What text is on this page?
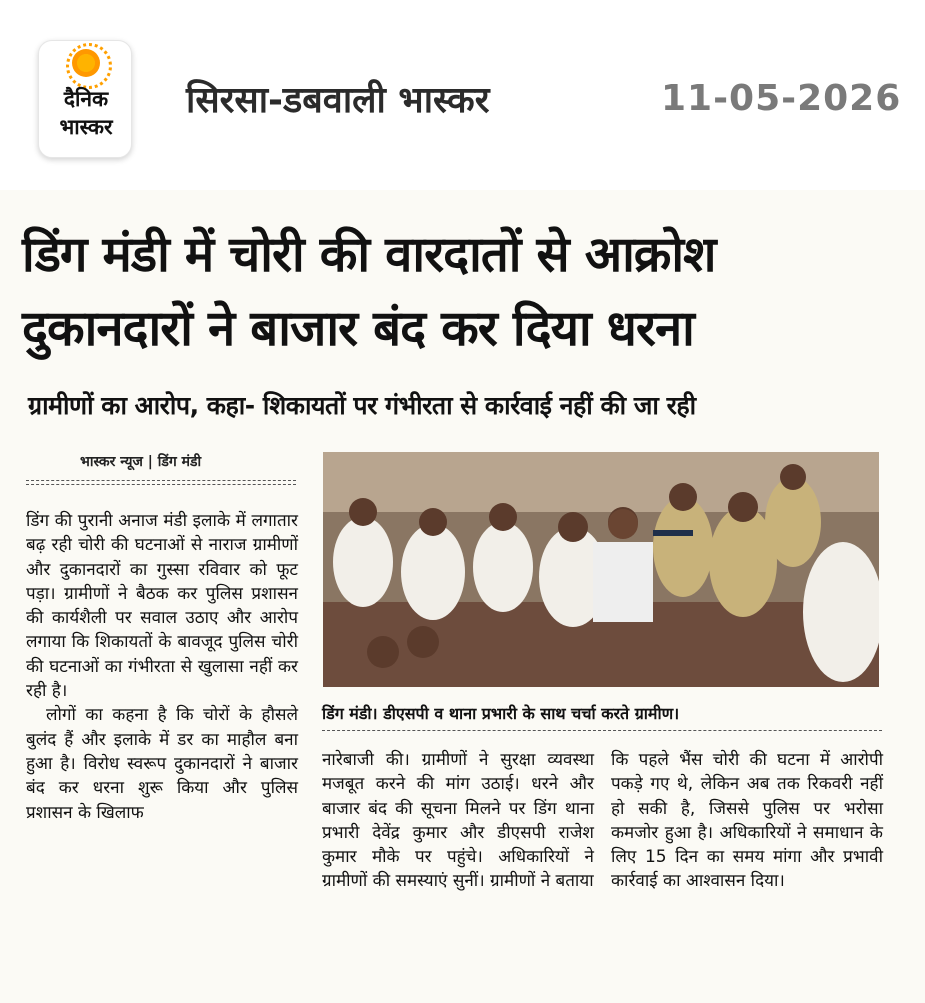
दैनिक
भास्कर
सिरसा-डबवाली भास्कर	11-05-2026
डिंग मंडी में चोरी की वारदातों से आक्रोश
दुकानदारों ने बाजार बंद कर दिया धरना
ग्रामीणों का आरोप, कहा- शिकायतों पर गंभीरता से कार्रवाई नहीं की जा रही
भास्कर न्यूज | डिंग मंडी

डिंग की पुरानी अनाज मंडी इलाके में लगातार बढ़ रही चोरी की घटनाओं से नाराज ग्रामीणों और दुकानदारों का गुस्सा रविवार को फूट पड़ा। ग्रामीणों ने बैठक कर पुलिस प्रशासन की कार्यशैली पर सवाल उठाए और आरोप लगाया कि शिकायतों के बावजूद पुलिस चोरी की घटनाओं का गंभीरता से खुलासा नहीं कर रही है।

लोगों का कहना है कि चोरों के हौसले बुलंद हैं और इलाके में डर का माहौल बना हुआ है। विरोध स्वरूप दुकानदारों ने बाजार बंद कर धरना शुरू किया और पुलिस प्रशासन के खिलाफ

डिंग मंडी। डीएसपी व थाना प्रभारी के साथ चर्चा करते ग्रामीण।

नारेबाजी की। ग्रामीणों ने सुरक्षा व्यवस्था मजबूत करने की मांग उठाई। धरने और बाजार बंद की सूचना मिलने पर डिंग थाना प्रभारी देवेंद्र कुमार और डीएसपी राजेश कुमार मौके पर पहुंचे। अधिकारियों ने ग्रामीणों की समस्याएं सुनीं। ग्रामीणों ने बताया

कि पहले भैंस चोरी की घटना में आरोपी पकड़े गए थे, लेकिन अब तक रिकवरी नहीं हो सकी है, जिससे पुलिस पर भरोसा कमजोर हुआ है। अधिकारियों ने समाधान के लिए 15 दिन का समय मांगा और प्रभावी कार्रवाई का आश्वासन दिया।
